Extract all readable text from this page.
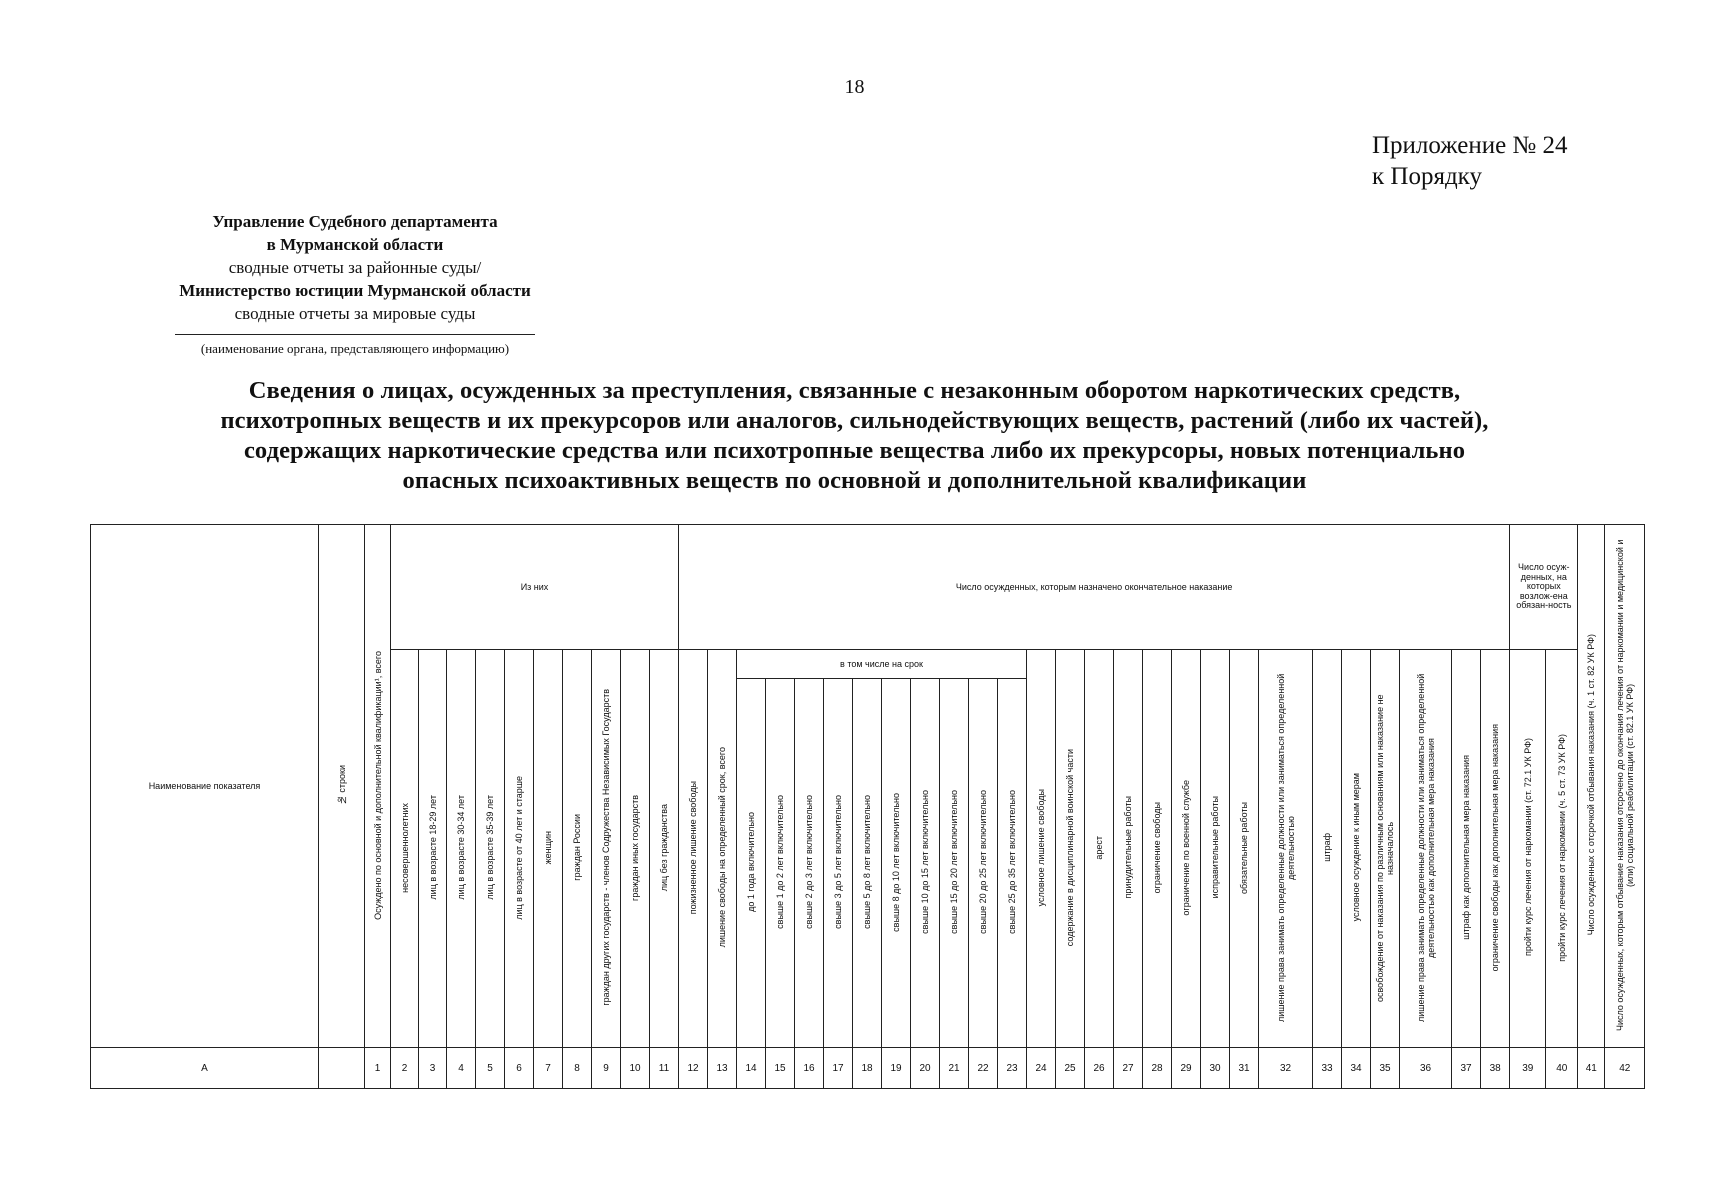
18
Приложение № 24
к Порядку
Управление Судебного департамента
в Мурманской области
сводные отчеты за районные суды/
Министерство юстиции Мурманской области
сводные отчеты за мировые суды
(наименование органа, представляющего информацию)
Сведения о лицах, осужденных за преступления, связанные с незаконным оборотом наркотических средств,
психотропных веществ и их прекурсоров или аналогов, сильнодействующих веществ, растений (либо их частей),
содержащих наркотические средства или психотропные вещества либо их прекурсоры, новых потенциально
опасных психоактивных веществ по основной и дополнительной квалификации
Наименование показателя	№ строки	Осуждено по основной и дополнительной квалификации¹, всего	Из них										Число осужденных, которым назначено окончательное наказание																											Число осуж-денных, на которых возлож-ена обязан-ность		Число осужденных с отсрочкой отбывания наказания (ч. 1 ст. 82 УК РФ)	Число осужденных, которым отбывание наказания отсрочено до окончания лечения от наркомании и медицинской и (или) социальной реабилитации (ст. 82.1 УК РФ)
			несовершеннолетних	лиц в возрасте 18-29 лет	лиц в возрасте 30-34 лет	лиц в возрасте 35-39 лет	лиц в возрасте от 40 лет и старше	женщин	граждан России	граждан других государств - членов Содружества Независимых Государств	граждан иных государств	лиц без гражданства	пожизненное лишение свободы	лишение свободы на определенный срок, всего	в том числе на срок										условное лишение свободы	содержание в дисциплинарной воинской части	арест	принудительные работы	ограничение свободы	ограничение по военной службе	исправительные работы	обязательные работы	лишение права занимать определенные должности или заниматься определенной деятельностью	штраф	условное осуждение к иным мерам	освобождение от наказания по различным основаниям или наказание не назначалось	лишение права занимать определенные должности или заниматься определенной деятельностью как дополнительная мера наказания	штраф как дополнительная мера наказания	ограничение свободы как дополнительная мера наказания	пройти курс лечения от наркомании (ст. 72.1 УК РФ)	пройти курс лечения от наркомании (ч. 5 ст. 73 УК РФ)		
															до 1 года включительно	свыше 1 до 2 лет включительно	свыше 2 до 3 лет включительно	свыше 3 до 5 лет включительно	свыше 5 до 8 лет включительно	свыше 8 до 10 лет включительно	свыше 10 до 15 лет включительно	свыше 15 до 20 лет включительно	свыше 20 до 25 лет включительно	свыше 25 до 35 лет включительно																			
А		1	2	3	4	5	6	7	8	9	10	11	12	13	14	15	16	17	18	19	20	21	22	23	24	25	26	27	28	29	30	31	32	33	34	35	36	37	38	39	40	41	42
